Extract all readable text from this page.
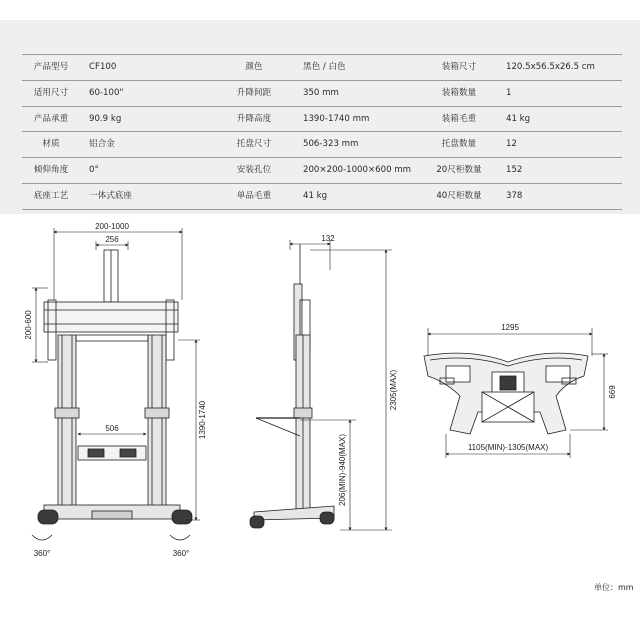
产品型号	CF100	颜色	黑色 / 白色	装箱尺寸	120.5x56.5x26.5 cm
适用尺寸	60-100"	升降间距	350 mm	装箱数量	1
产品承重	90.9 kg	升降高度	1390-1740 mm	装箱毛重	41 kg
材质	铝合金	托盘尺寸	506-323 mm	托盘数量	12
倾仰角度	0°	安装孔位	200×200-1000×600 mm	20尺柜数量	152
底座工艺	一体式底座	单品毛重	41 kg	40尺柜数量	378
200-1000
256
200-600
1390-1740
506
360°	360°
132
2305(MAX)
206(MIN)-940(MAX)
1295
669
1105(MIN)-1305(MAX)
单位：mm
